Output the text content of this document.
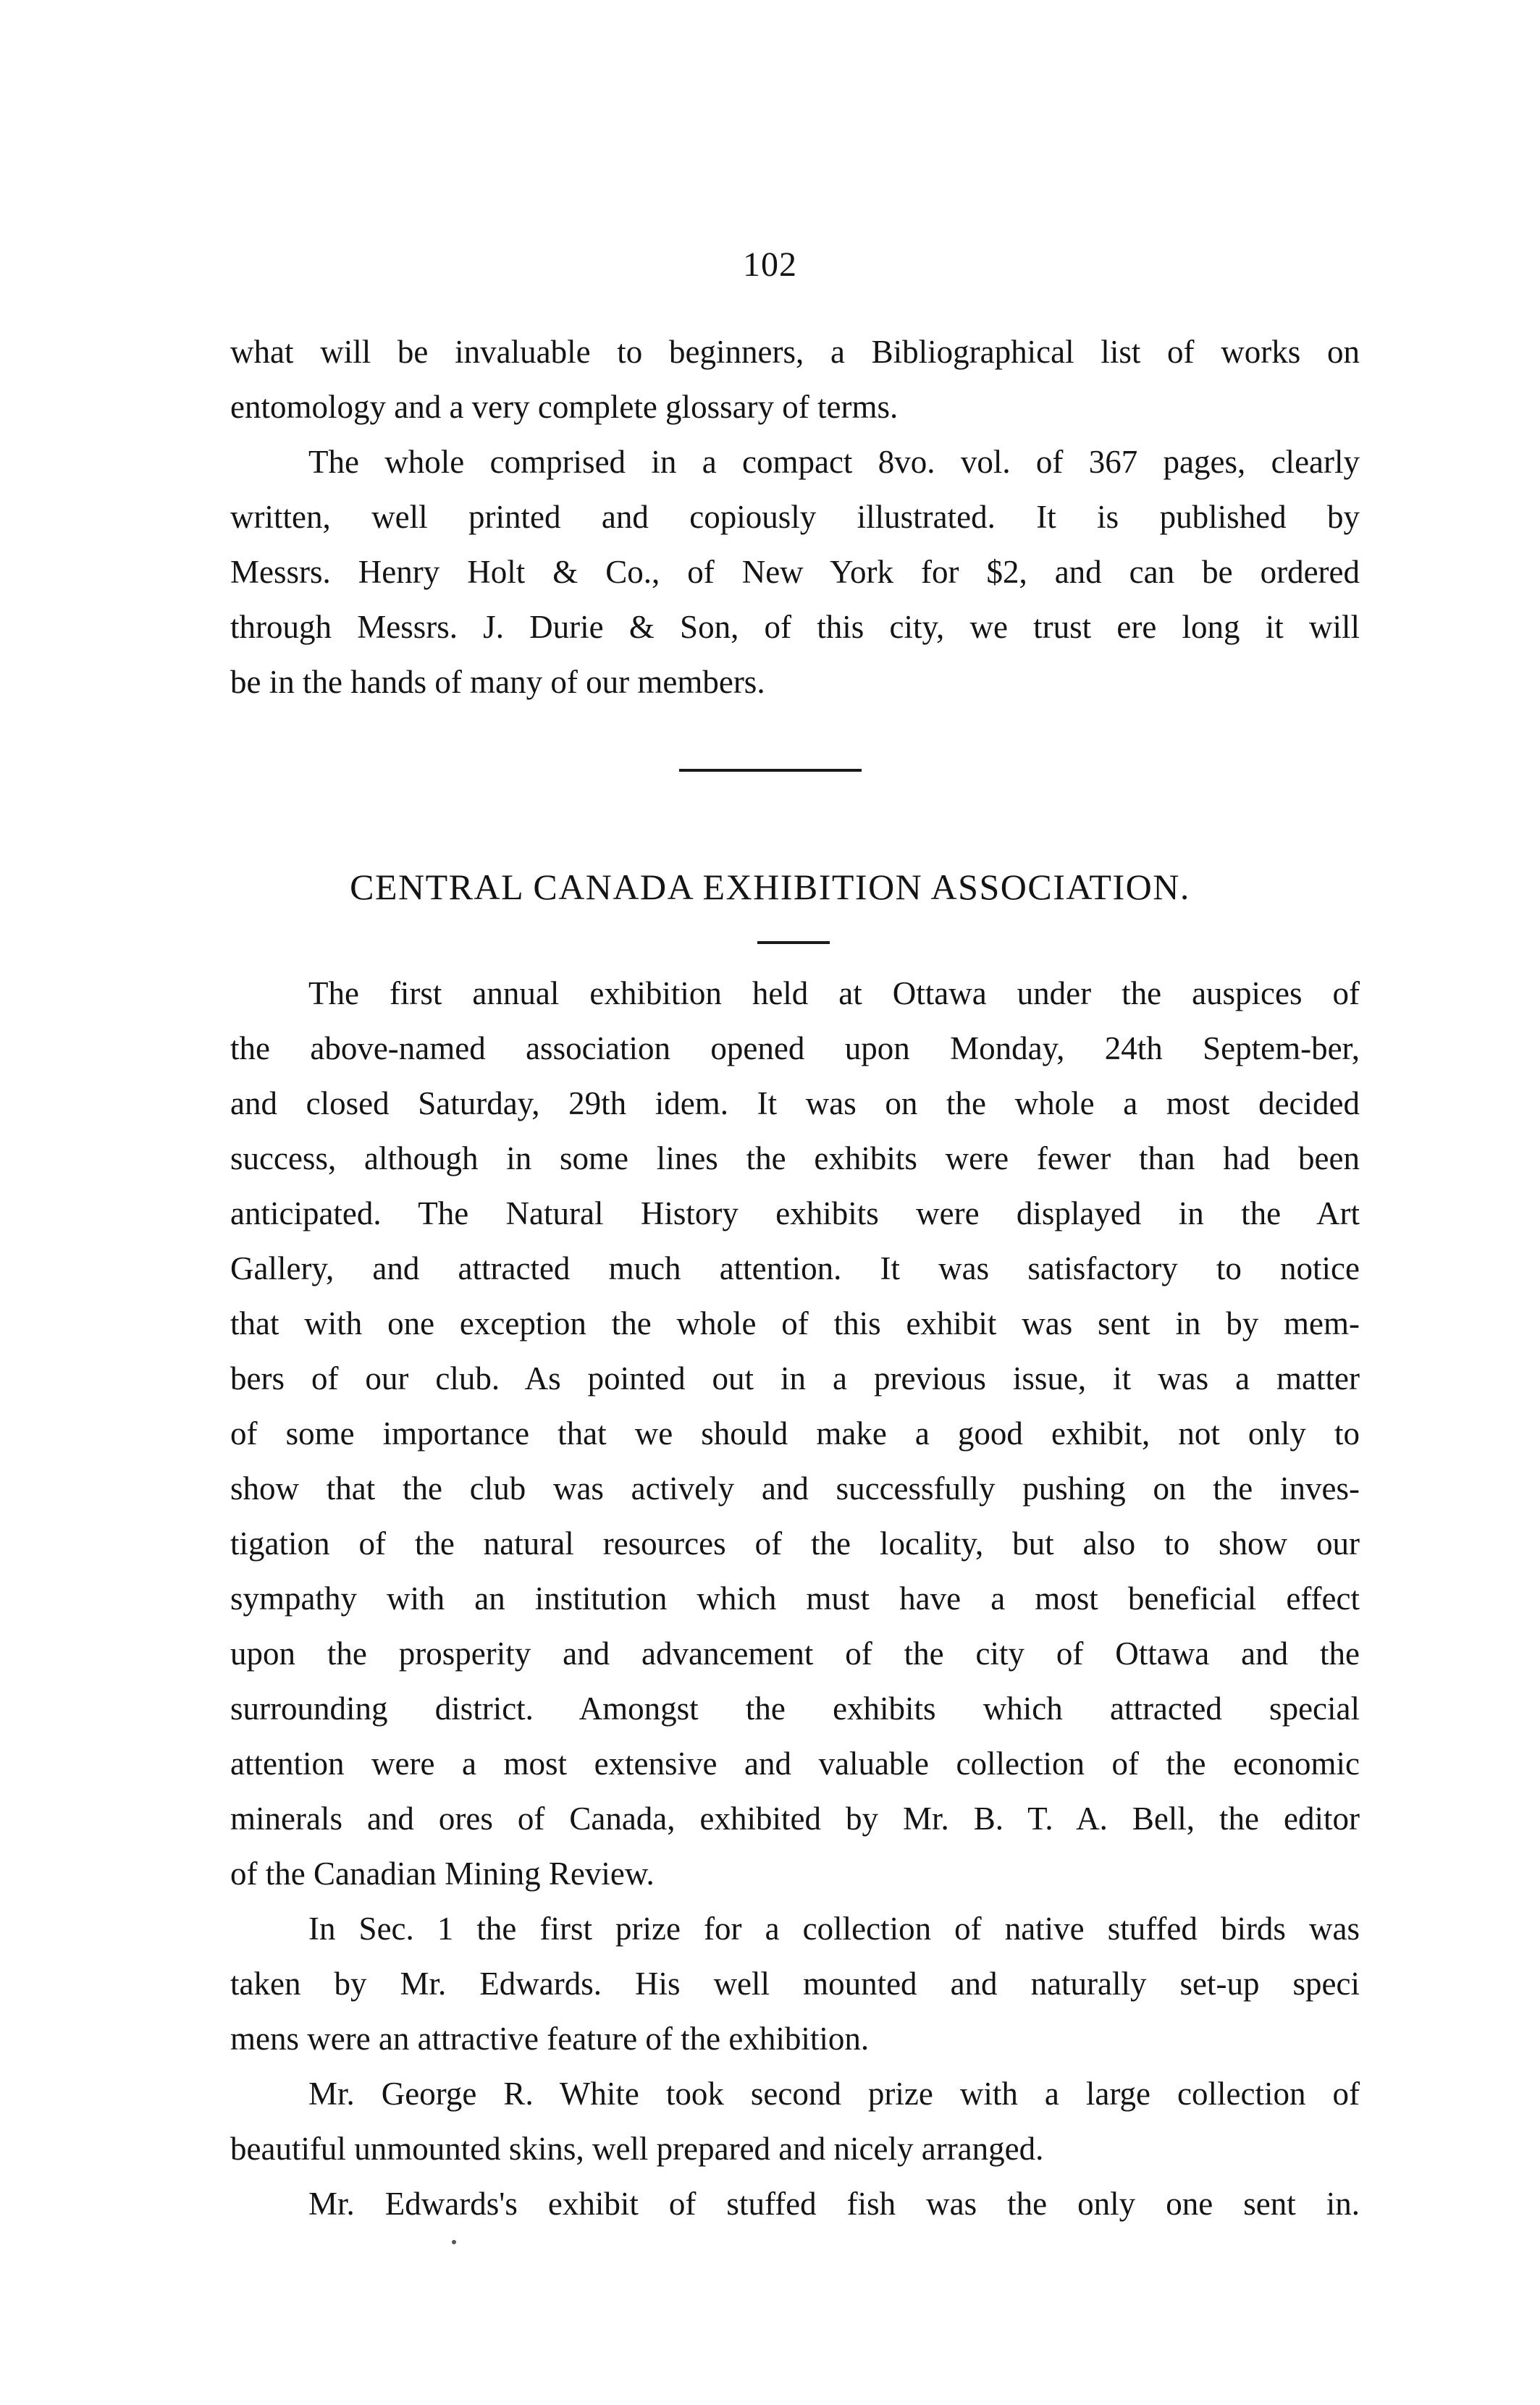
102
what will be invaluable to beginners, a Bibliographical list of works on
entomology and a very complete glossary of terms.
The whole comprised in a compact 8vo. vol. of 367 pages, clearly
written, well printed and copiously illustrated. It is published by
Messrs. Henry Holt & Co., of New York for $2, and can be ordered
through Messrs. J. Durie & Son, of this city, we trust ere long it will
be in the hands of many of our members.
CENTRAL CANADA EXHIBITION ASSOCIATION.
The first annual exhibition held at Ottawa under the auspices of
the above-named association opened upon Monday, 24th Septem-ber,
and closed Saturday, 29th idem. It was on the whole a most decided
success, although in some lines the exhibits were fewer than had been
anticipated. The Natural History exhibits were displayed in the Art
Gallery, and attracted much attention. It was satisfactory to notice
that with one exception the whole of this exhibit was sent in by mem-
bers of our club. As pointed out in a previous issue, it was a matter
of some importance that we should make a good exhibit, not only to
show that the club was actively and successfully pushing on the inves-
tigation of the natural resources of the locality, but also to show our
sympathy with an institution which must have a most beneficial effect
upon the prosperity and advancement of the city of Ottawa and the
surrounding district. Amongst the exhibits which attracted special
attention were a most extensive and valuable collection of the economic
minerals and ores of Canada, exhibited by Mr. B. T. A. Bell, the editor
of the Canadian Mining Review.
In Sec. 1 the first prize for a collection of native stuffed birds was
taken by Mr. Edwards. His well mounted and naturally set-up speci
mens were an attractive feature of the exhibition.
Mr. George R. White took second prize with a large collection of
beautiful unmounted skins, well prepared and nicely arranged.
Mr. Edwards's exhibit of stuffed fish was the only one sent in.
